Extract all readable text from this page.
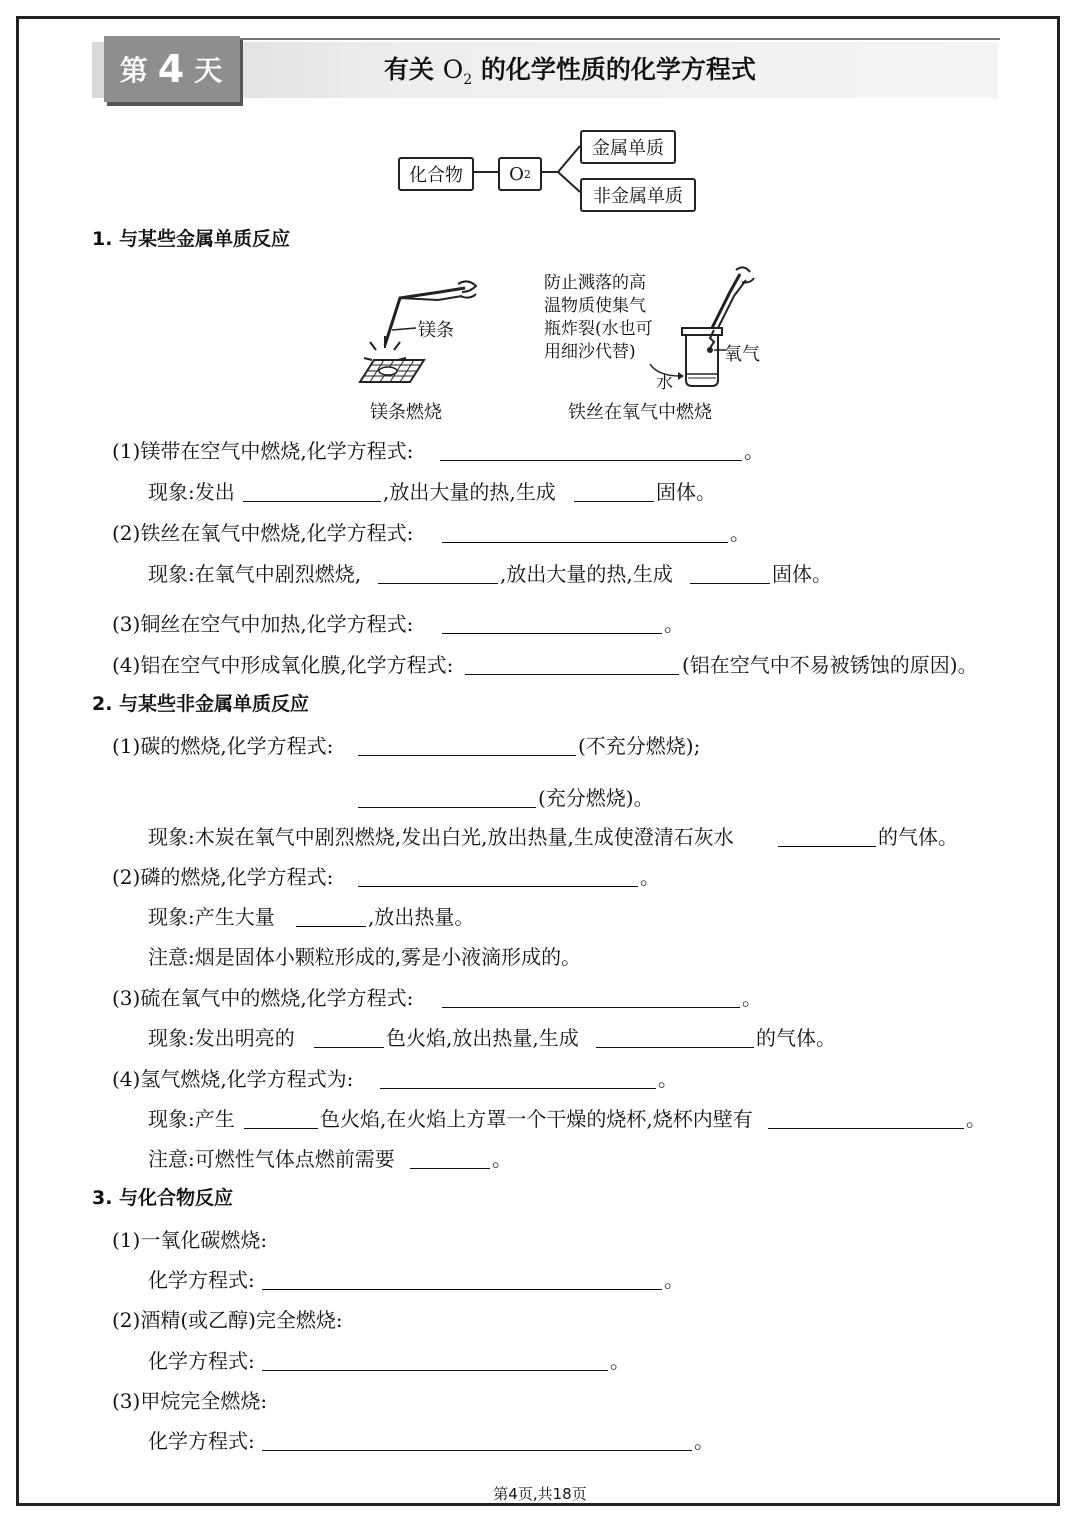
第 4 天	有关 $O_2$ 的化学性质的化学方程式
化合物	O 2
金属单质
非金属单质
1. 与某些金属单质反应
镁条
镁条燃烧
防止溅落的高
温物质使集气
瓶炸裂(水也可
用细沙代替)	氧气
水
铁丝在氧气中燃烧
(1)镁带在空气中燃烧,化学方程式:	。
现象:发出	,放出大量的热,生成	固体。
(2)铁丝在氧气中燃烧,化学方程式:	。
现象:在氧气中剧烈燃烧,	,放出大量的热,生成	固体。
(3)铜丝在空气中加热,化学方程式:	。
(4)铝在空气中形成氧化膜,化学方程式:	(铝在空气中不易被锈蚀的原因)。
2. 与某些非金属单质反应
(1)碳的燃烧,化学方程式:	(不充分燃烧);
(充分燃烧)。
现象:木炭在氧气中剧烈燃烧,发出白光,放出热量,生成使澄清石灰水	的气体。
(2)磷的燃烧,化学方程式:	。
现象:产生大量	,放出热量。
注意:烟是固体小颗粒形成的,雾是小液滴形成的。
(3)硫在氧气中的燃烧,化学方程式:	。
现象:发出明亮的	色火焰,放出热量,生成	的气体。
(4)氢气燃烧,化学方程式为:	。
现象:产生	色火焰,在火焰上方罩一个干燥的烧杯,烧杯内壁有	。
注意:可燃性气体点燃前需要	。
3. 与化合物反应
(1)一氧化碳燃烧:
化学方程式:	。
(2)酒精(或乙醇)完全燃烧:
化学方程式:	。
(3)甲烷完全燃烧:
化学方程式:	。
第4页,共18页
